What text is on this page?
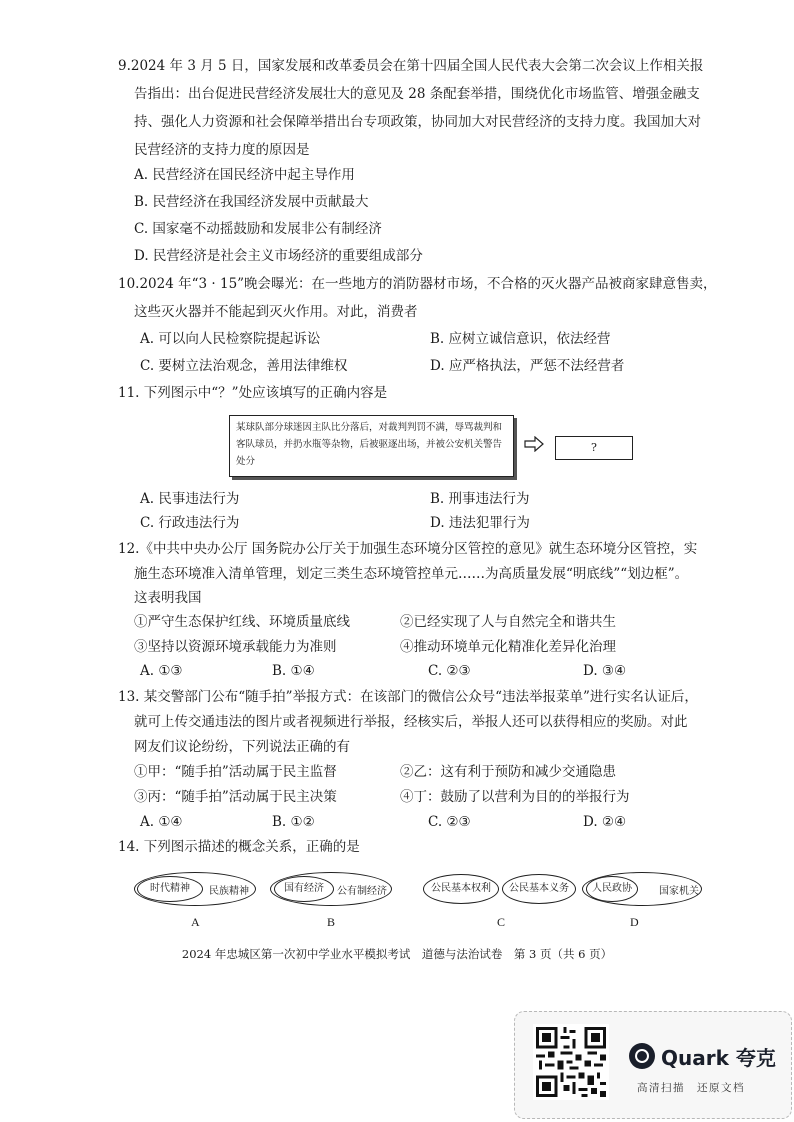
9.2024 年 3 月 5 日，国家发展和改革委员会在第十四届全国人民代表大会第二次会议上作相关报
告指出：出台促进民营经济发展壮大的意见及 28 条配套举措，围绕优化市场监管、增强金融支
持、强化人力资源和社会保障举措出台专项政策，协同加大对民营经济的支持力度。我国加大对
民营经济的支持力度的原因是
A. 民营经济在国民经济中起主导作用
B. 民营经济在我国经济发展中贡献最大
C. 国家毫不动摇鼓励和发展非公有制经济
D. 民营经济是社会主义市场经济的重要组成部分
10.2024 年“3 · 15”晚会曝光：在一些地方的消防器材市场，不合格的灭火器产品被商家肆意售卖，
这些灭火器并不能起到灭火作用。对此，消费者
A. 可以向人民检察院提起诉讼	B. 应树立诚信意识，依法经营
C. 要树立法治观念，善用法律维权	D. 应严格执法，严惩不法经营者
11. 下列图示中“？”处应该填写的正确内容是
某球队部分球迷因主队比分落后，对裁判判罚不满，辱骂裁判和客队球员，并扔水瓶等杂物，后被驱逐出场，并被公安机关警告处分
?
A. 民事违法行为	B. 刑事违法行为
C. 行政违法行为	D. 违法犯罪行为
12.《中共中央办公厅 国务院办公厅关于加强生态环境分区管控的意见》就生态环境分区管控，实
施生态环境准入清单管理，划定三类生态环境管控单元……为高质量发展“明底线”“划边框”。
这表明我国
①严守生态保护红线、环境质量底线	②已经实现了人与自然完全和谐共生
③坚持以资源环境承载能力为准则	④推动环境单元化精准化差异化治理
A. ①③	B. ①④	C. ②③	D. ③④
13. 某交警部门公布“随手拍”举报方式：在该部门的微信公众号“违法举报菜单”进行实名认证后，
就可上传交通违法的图片或者视频进行举报，经核实后，举报人还可以获得相应的奖励。对此
网友们议论纷纷，下列说法正确的有
①甲：“随手拍”活动属于民主监督	②乙：这有利于预防和减少交通隐患
③丙：“随手拍”活动属于民主决策	④丁：鼓励了以营利为目的的举报行为
A. ①④	B. ①②	C. ②③	D. ②④
14. 下列图示描述的概念关系，正确的是
民族精神
时代精神
A
公有制经济
国有经济
B
公民基本权利	公民基本义务
C
国家机关
人民政协
D
2024 年忠城区第一次初中学业水平模拟考试　道德与法治试卷　第 3 页（共 6 页）
Quark 夸克
高清扫描　还原文档
